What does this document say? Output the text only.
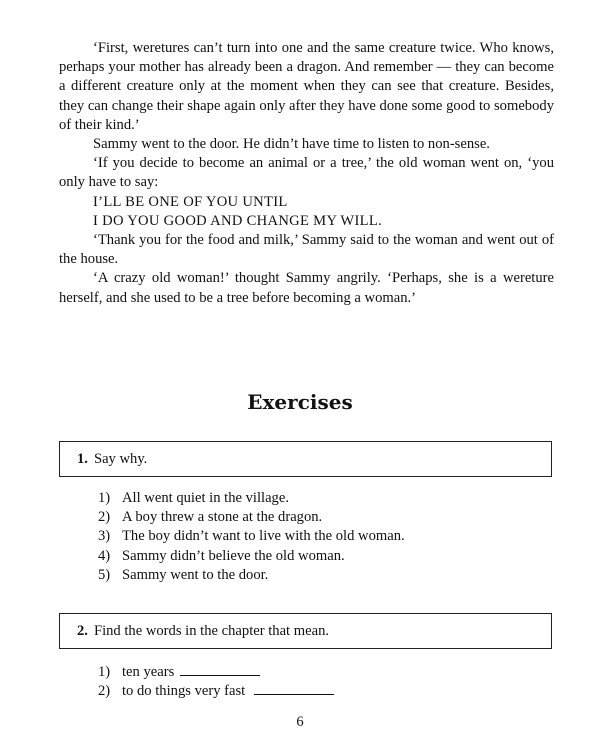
‘First, weretures can’t turn into one and the same creature twice. Who knows, perhaps your mother has already been a dragon. And remember — they can become a different creature only at the moment when they can see that creature. Besides, they can change their shape again only after they have done some good to somebody of their kind.’

Sammy went to the door. He didn’t have time to listen to non-sense.

‘If you decide to become an animal or a tree,’ the old woman went on, ‘you only have to say:

I’LL BE ONE OF YOU UNTIL

I DO YOU GOOD AND CHANGE MY WILL.

‘Thank you for the food and milk,’ Sammy said to the woman and went out of the house.

‘A crazy old woman!’ thought Sammy angrily. ‘Perhaps, she is a wereture herself, and she used to be a tree before becoming a woman.’

Exercises
1. Say why.
1) All went quiet in the village.
2) A boy threw a stone at the dragon.
3) The boy didn’t want to live with the old woman.
4) Sammy didn’t believe the old woman.
5) Sammy went to the door.
2. Find the words in the chapter that mean.
1) ten years
2) to do things very fast
6
